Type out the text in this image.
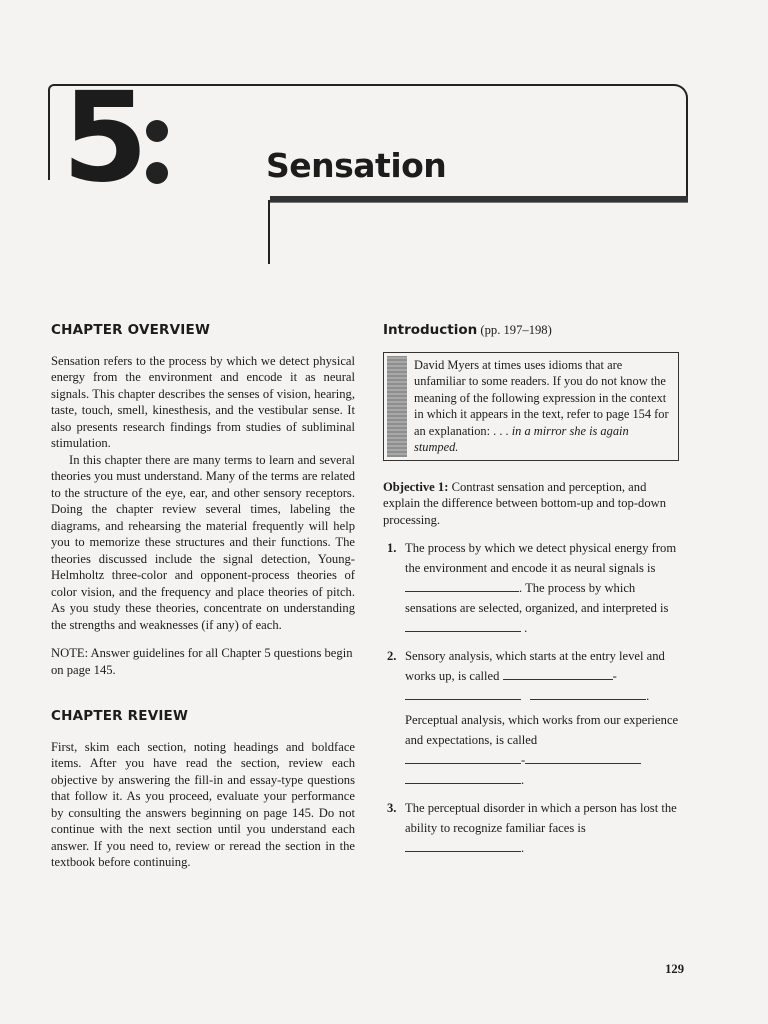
5	Sensation
CHAPTER OVERVIEW

Sensation refers to the process by which we detect physical energy from the environment and encode it as neural signals. This chapter describes the senses of vision, hearing, taste, touch, smell, kinesthesis, and the vestibular sense. It also presents research findings from studies of subliminal stimulation.

In this chapter there are many terms to learn and several theories you must understand. Many of the terms are related to the structure of the eye, ear, and other sensory receptors. Doing the chapter review several times, labeling the diagrams, and rehearsing the material frequently will help you to memorize these structures and their functions. The theories discussed include the signal detection, Young-Helmholtz three-color and opponent-process theories of color vision, and the frequency and place theories of pitch. As you study these theories, concentrate on understanding the strengths and weaknesses (if any) of each.

NOTE: Answer guidelines for all Chapter 5 questions begin on page 145.

CHAPTER REVIEW

First, skim each section, noting headings and boldface items. After you have read the section, review each objective by answering the fill-in and essay-type questions that follow it. As you proceed, evaluate your performance by consulting the answers beginning on page 145. Do not continue with the next section until you understand each answer. If you need to, review or reread the section in the textbook before continuing.

Introduction (pp. 197–198)
David Myers at times uses idioms that are unfamiliar to some readers. If you do not know the meaning of the following expression in the context in which it appears in the text, refer to page 154 for an explanation: . . . in a mirror she is again stumped.
Objective 1: Contrast sensation and perception, and explain the difference between bottom-up and top-down processing.
1. The process by which we detect physical energy from the environment and encode it as neural signals is . The process by which sensations are selected, organized, and interpreted is  .
2. Sensory analysis, which starts at the entry level and works up, is called	-
.
Perceptual analysis, which works from our experience and expectations, is called
-
.
3. The perceptual disorder in which a person has lost the ability to recognize familiar faces is
.
129
